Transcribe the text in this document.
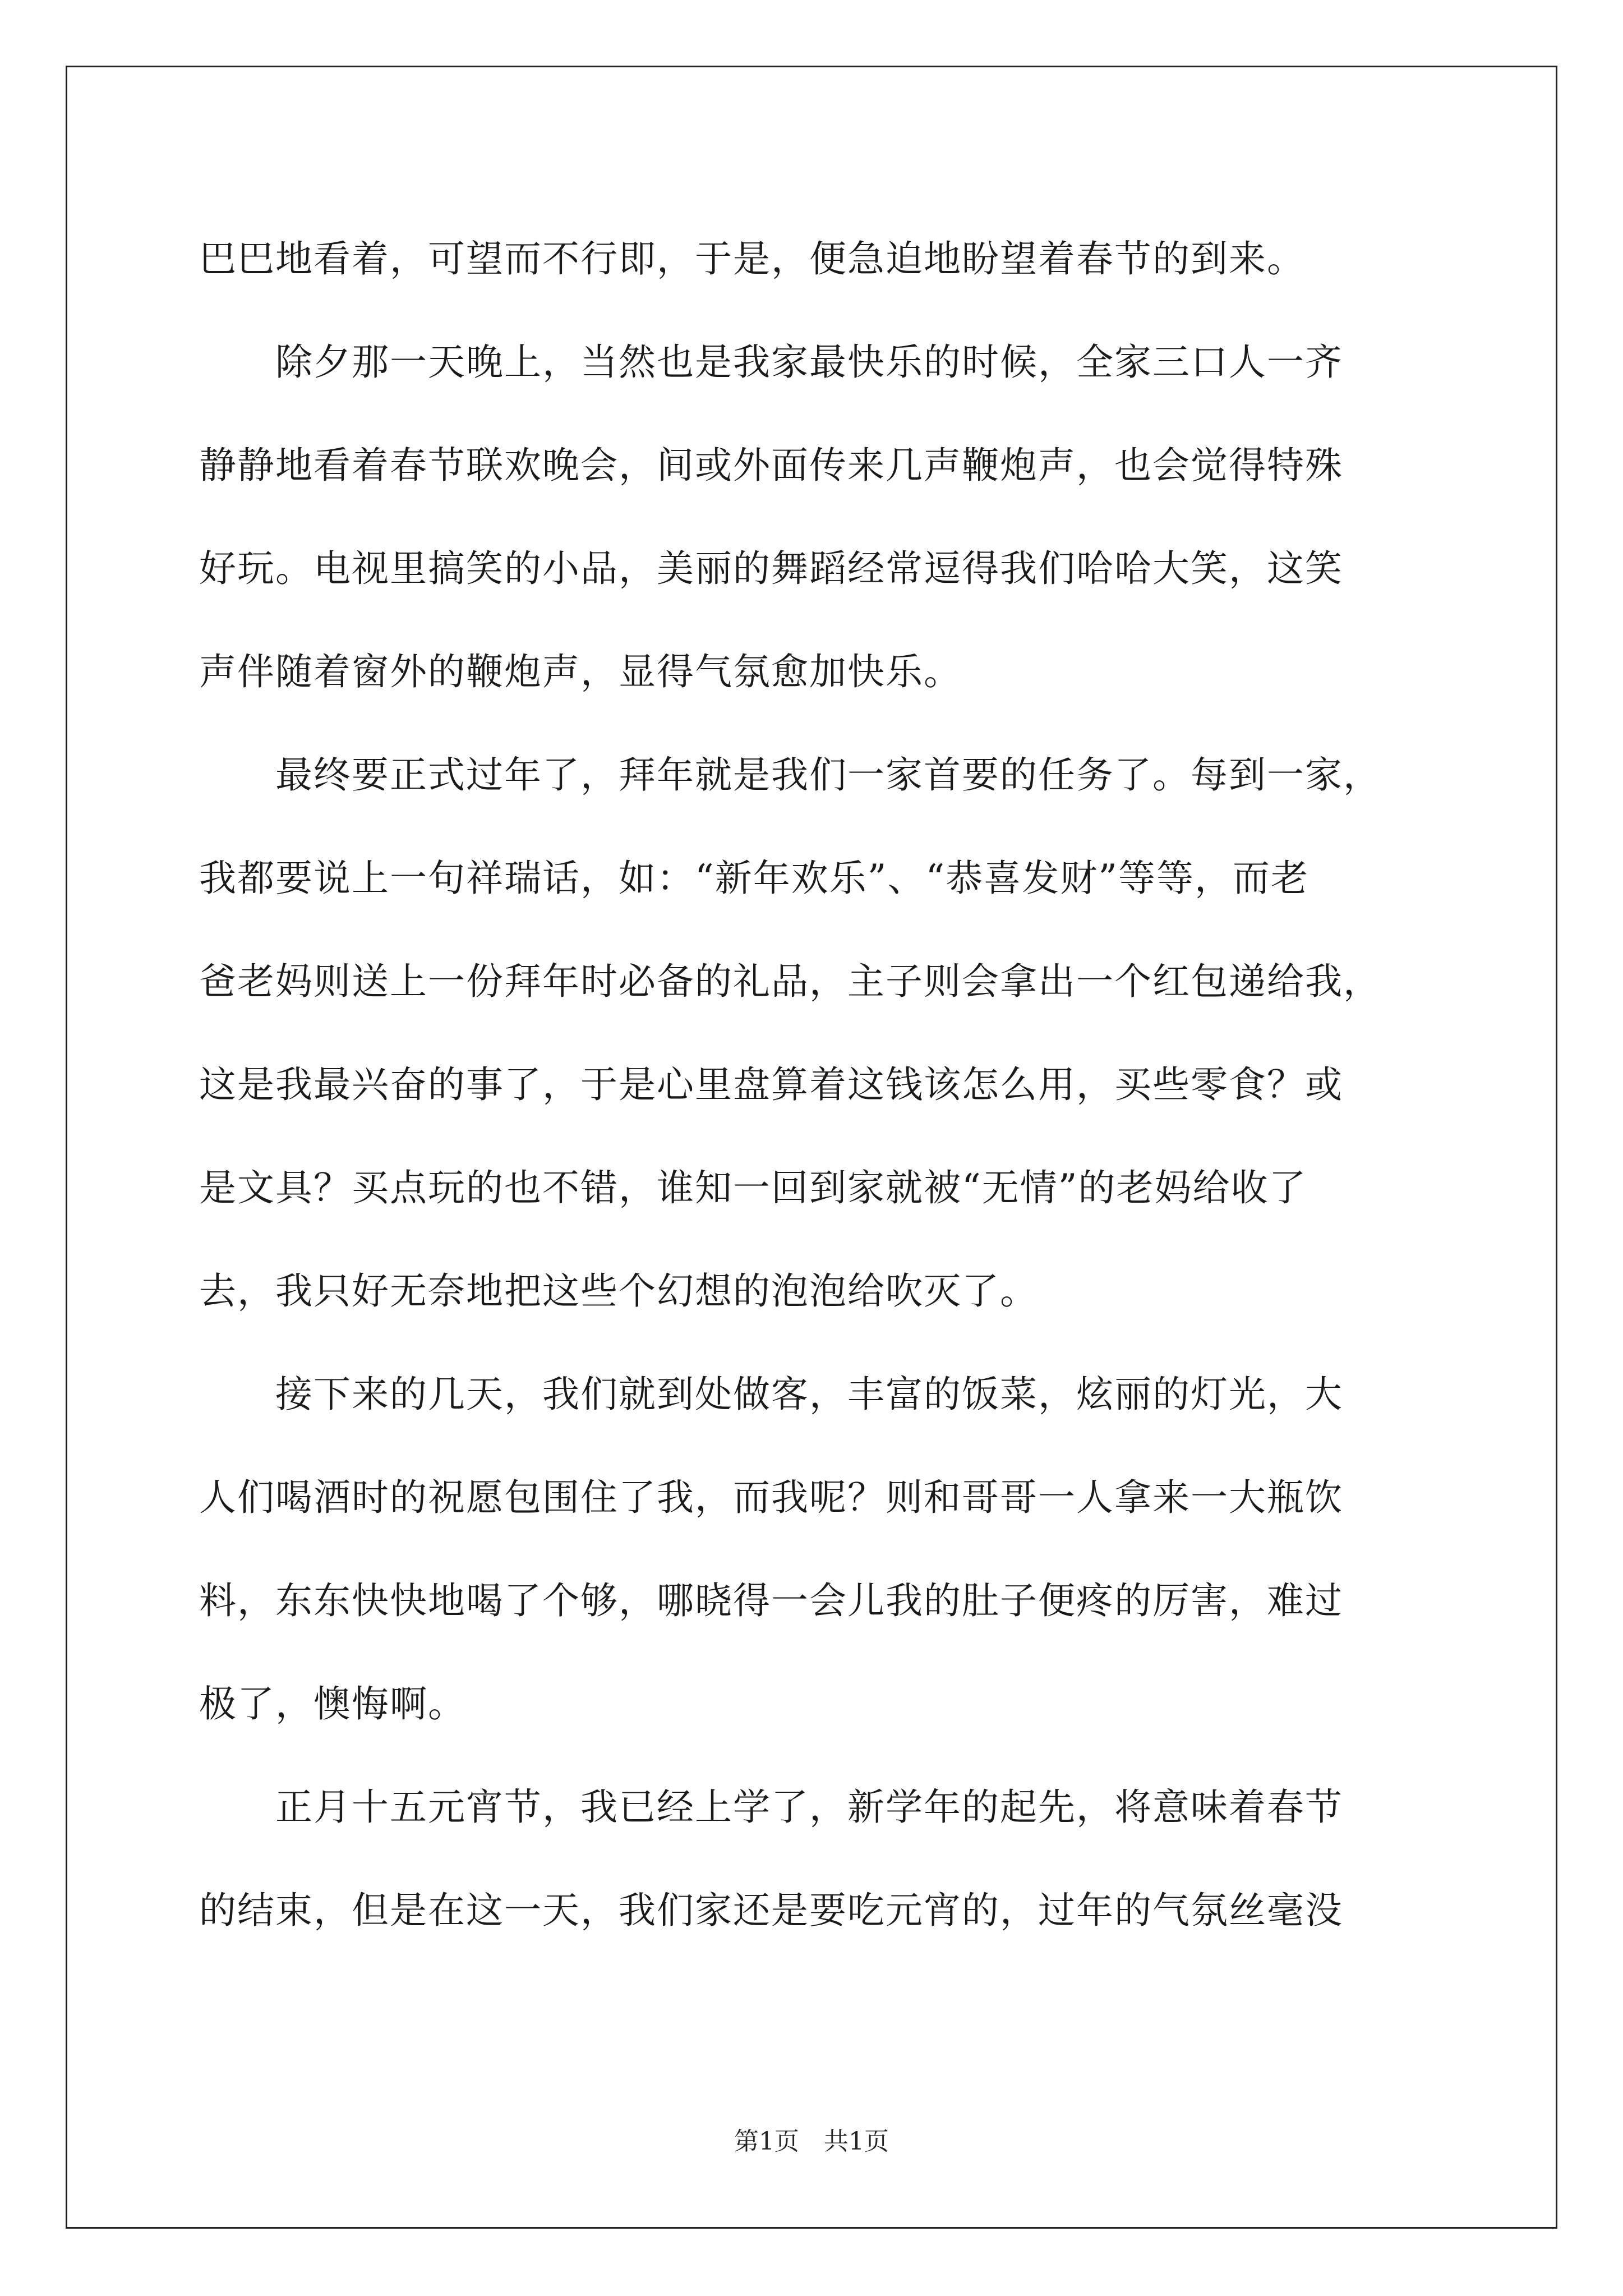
巴巴地看着，可望而不行即，于是，便急迫地盼望着春节的到来。
　　除夕那一天晚上，当然也是我家最快乐的时候，全家三口人一齐
静静地看着春节联欢晚会，间或外面传来几声鞭炮声，也会觉得特殊
好玩。电视里搞笑的小品，美丽的舞蹈经常逗得我们哈哈大笑，这笑
声伴随着窗外的鞭炮声，显得气氛愈加快乐。
　　最终要正式过年了，拜年就是我们一家首要的任务了。每到一家，
我都要说上一句祥瑞话，如：“新年欢乐”、“恭喜发财”等等，而老
爸老妈则送上一份拜年时必备的礼品，主子则会拿出一个红包递给我，
这是我最兴奋的事了，于是心里盘算着这钱该怎么用，买些零食？或
是文具？买点玩的也不错，谁知一回到家就被“无情”的老妈给收了
去，我只好无奈地把这些个幻想的泡泡给吹灭了。
　　接下来的几天，我们就到处做客，丰富的饭菜，炫丽的灯光，大
人们喝酒时的祝愿包围住了我，而我呢？则和哥哥一人拿来一大瓶饮
料，东东快快地喝了个够，哪晓得一会儿我的肚子便疼的厉害，难过
极了，懊悔啊。
　　正月十五元宵节，我已经上学了，新学年的起先，将意味着春节
的结束，但是在这一天，我们家还是要吃元宵的，过年的气氛丝毫没
第1页　共1页
